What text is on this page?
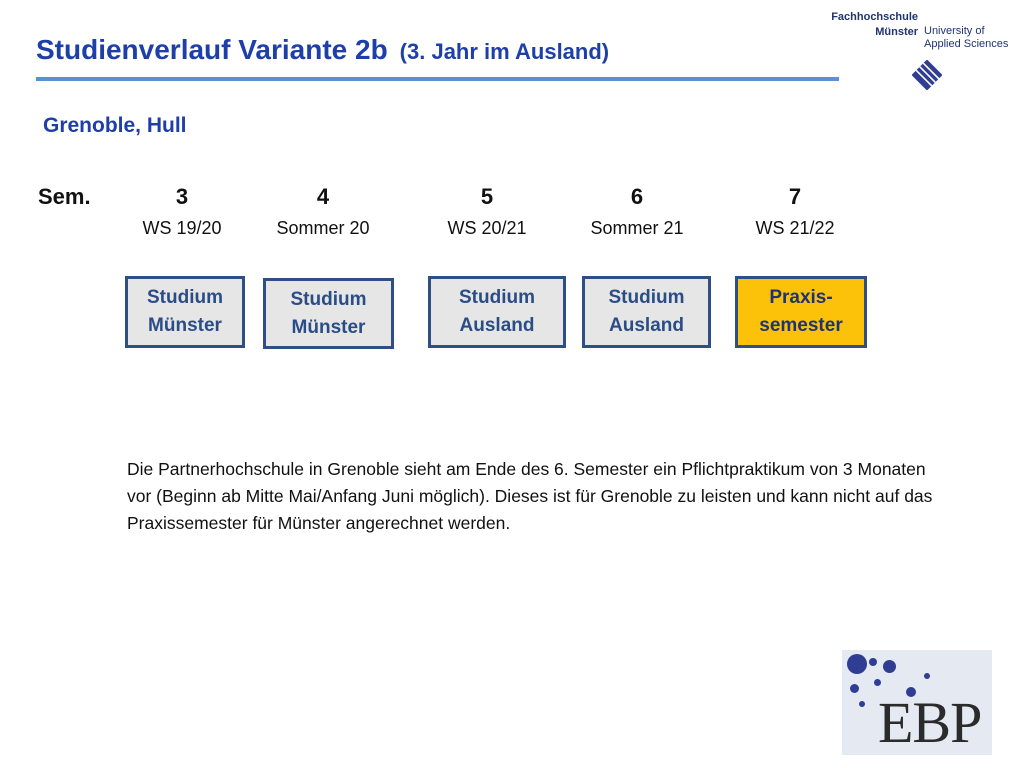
Studienverlauf Variante 2b (3. Jahr im Ausland)
Fachhochschule
Münster University of
Applied Sciences
Grenoble, Hull
Sem.	3
WS 19/20
4
Sommer 20
5
WS 20/21
6
Sommer 21
7
WS 21/22
Studium
Münster
Studium
Münster
Studium
Ausland
Studium
Ausland
Praxis-
semester
Die Partnerhochschule in Grenoble sieht am Ende des 6. Semester ein Pflichtpraktikum von 3 Monaten vor (Beginn ab Mitte Mai/Anfang Juni möglich). Dieses ist für Grenoble zu leisten und kann nicht auf das Praxissemester für Münster angerechnet werden.
EBP
